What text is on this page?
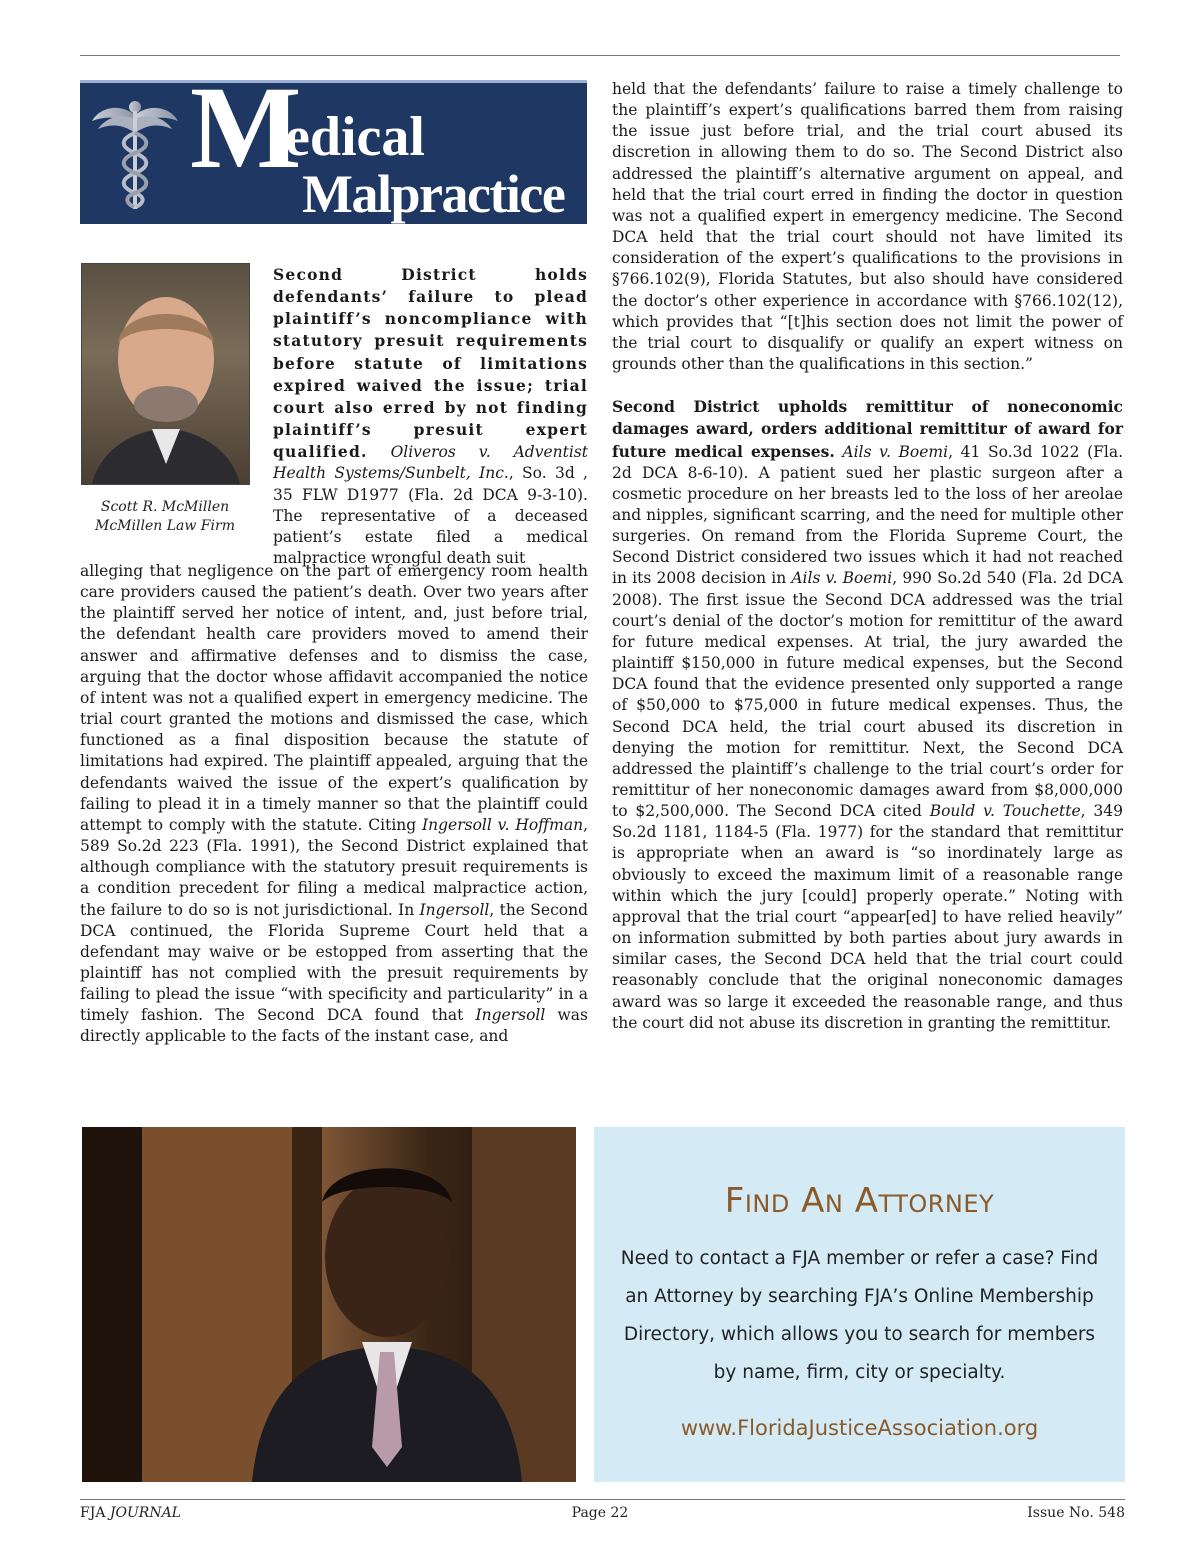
M
edical
Malpractice
Scott R. McMillen
McMillen Law Firm
Second District holds defendants’ failure to plead plaintiff’s noncompliance with statutory presuit requirements before statute of limitations expired waived the issue; trial court also erred by not finding plaintiff’s presuit expert qualified. Oliveros v. Adventist Health Systems/Sunbelt, Inc., So. 3d , 35 FLW D1977 (Fla. 2d DCA 9-3-10). The representative of a deceased patient’s estate filed a medical malpractice wrongful death suit
alleging that negligence on the part of emergency room health care providers caused the patient’s death. Over two years after the plaintiff served her notice of intent, and, just before trial, the defendant health care providers moved to amend their answer and affirmative defenses and to dismiss the case, arguing that the doctor whose affidavit accompanied the notice of intent was not a qualified expert in emergency medicine. The trial court granted the motions and dismissed the case, which functioned as a final disposition because the statute of limitations had expired. The plaintiff appealed, arguing that the defendants waived the issue of the expert’s qualification by failing to plead it in a timely manner so that the plaintiff could attempt to comply with the statute. Citing Ingersoll v. Hoffman, 589 So.2d 223 (Fla. 1991), the Second District explained that although compliance with the statutory presuit requirements is a condition precedent for filing a medical malpractice action, the failure to do so is not jurisdictional. In Ingersoll, the Second DCA continued, the Florida Supreme Court held that a defendant may waive or be estopped from asserting that the plaintiff has not complied with the presuit requirements by failing to plead the issue “with specificity and particularity” in a timely fashion. The Second DCA found that Ingersoll was directly applicable to the facts of the instant case, and

held that the defendants’ failure to raise a timely challenge to the plaintiff’s expert’s qualifications barred them from raising the issue just before trial, and the trial court abused its discretion in allowing them to do so. The Second District also addressed the plaintiff’s alternative argument on appeal, and held that the trial court erred in finding the doctor in question was not a qualified expert in emergency medicine. The Second DCA held that the trial court should not have limited its consideration of the expert’s qualifications to the provisions in §766.102(9), Florida Statutes, but also should have considered the doctor’s other experience in accordance with §766.102(12), which provides that “[t]his section does not limit the power of the trial court to disqualify or qualify an expert witness on grounds other than the qualifications in this section.”

Second District upholds remittitur of noneconomic damages award, orders additional remittitur of award for future medical expenses. Ails v. Boemi, 41 So.3d 1022 (Fla. 2d DCA 8-6-10). A patient sued her plastic surgeon after a cosmetic procedure on her breasts led to the loss of her areolae and nipples, significant scarring, and the need for multiple other surgeries. On remand from the Florida Supreme Court, the Second District considered two issues which it had not reached in its 2008 decision in Ails v. Boemi, 990 So.2d 540 (Fla. 2d DCA 2008). The first issue the Second DCA addressed was the trial court’s denial of the doctor’s motion for remittitur of the award for future medical expenses. At trial, the jury awarded the plaintiff $150,000 in future medical expenses, but the Second DCA found that the evidence presented only supported a range of $50,000 to $75,000 in future medical expenses. Thus, the Second DCA held, the trial court abused its discretion in denying the motion for remittitur. Next, the Second DCA addressed the plaintiff’s challenge to the trial court’s order for remittitur of her noneconomic damages award from $8,000,000 to $2,500,000. The Second DCA cited Bould v. Touchette, 349 So.2d 1181, 1184-5 (Fla. 1977) for the standard that remittitur is appropriate when an award is “so inordinately large as obviously to exceed the maximum limit of a reasonable range within which the jury [could] properly operate.” Noting with approval that the trial court “appear[ed] to have relied heavily” on information submitted by both parties about jury awards in similar cases, the Second DCA held that the trial court could reasonably conclude that the original noneconomic damages award was so large it exceeded the reasonable range, and thus the court did not abuse its discretion in granting the remittitur.

Find An Attorney
Need to contact a FJA member or refer a case? Find
an Attorney by searching FJA’s Online Membership
Directory, which allows you to search for members
by name, firm, city or specialty.
www.FloridaJusticeAssociation.org
FJA JOURNAL	Page 22	Issue No. 548
